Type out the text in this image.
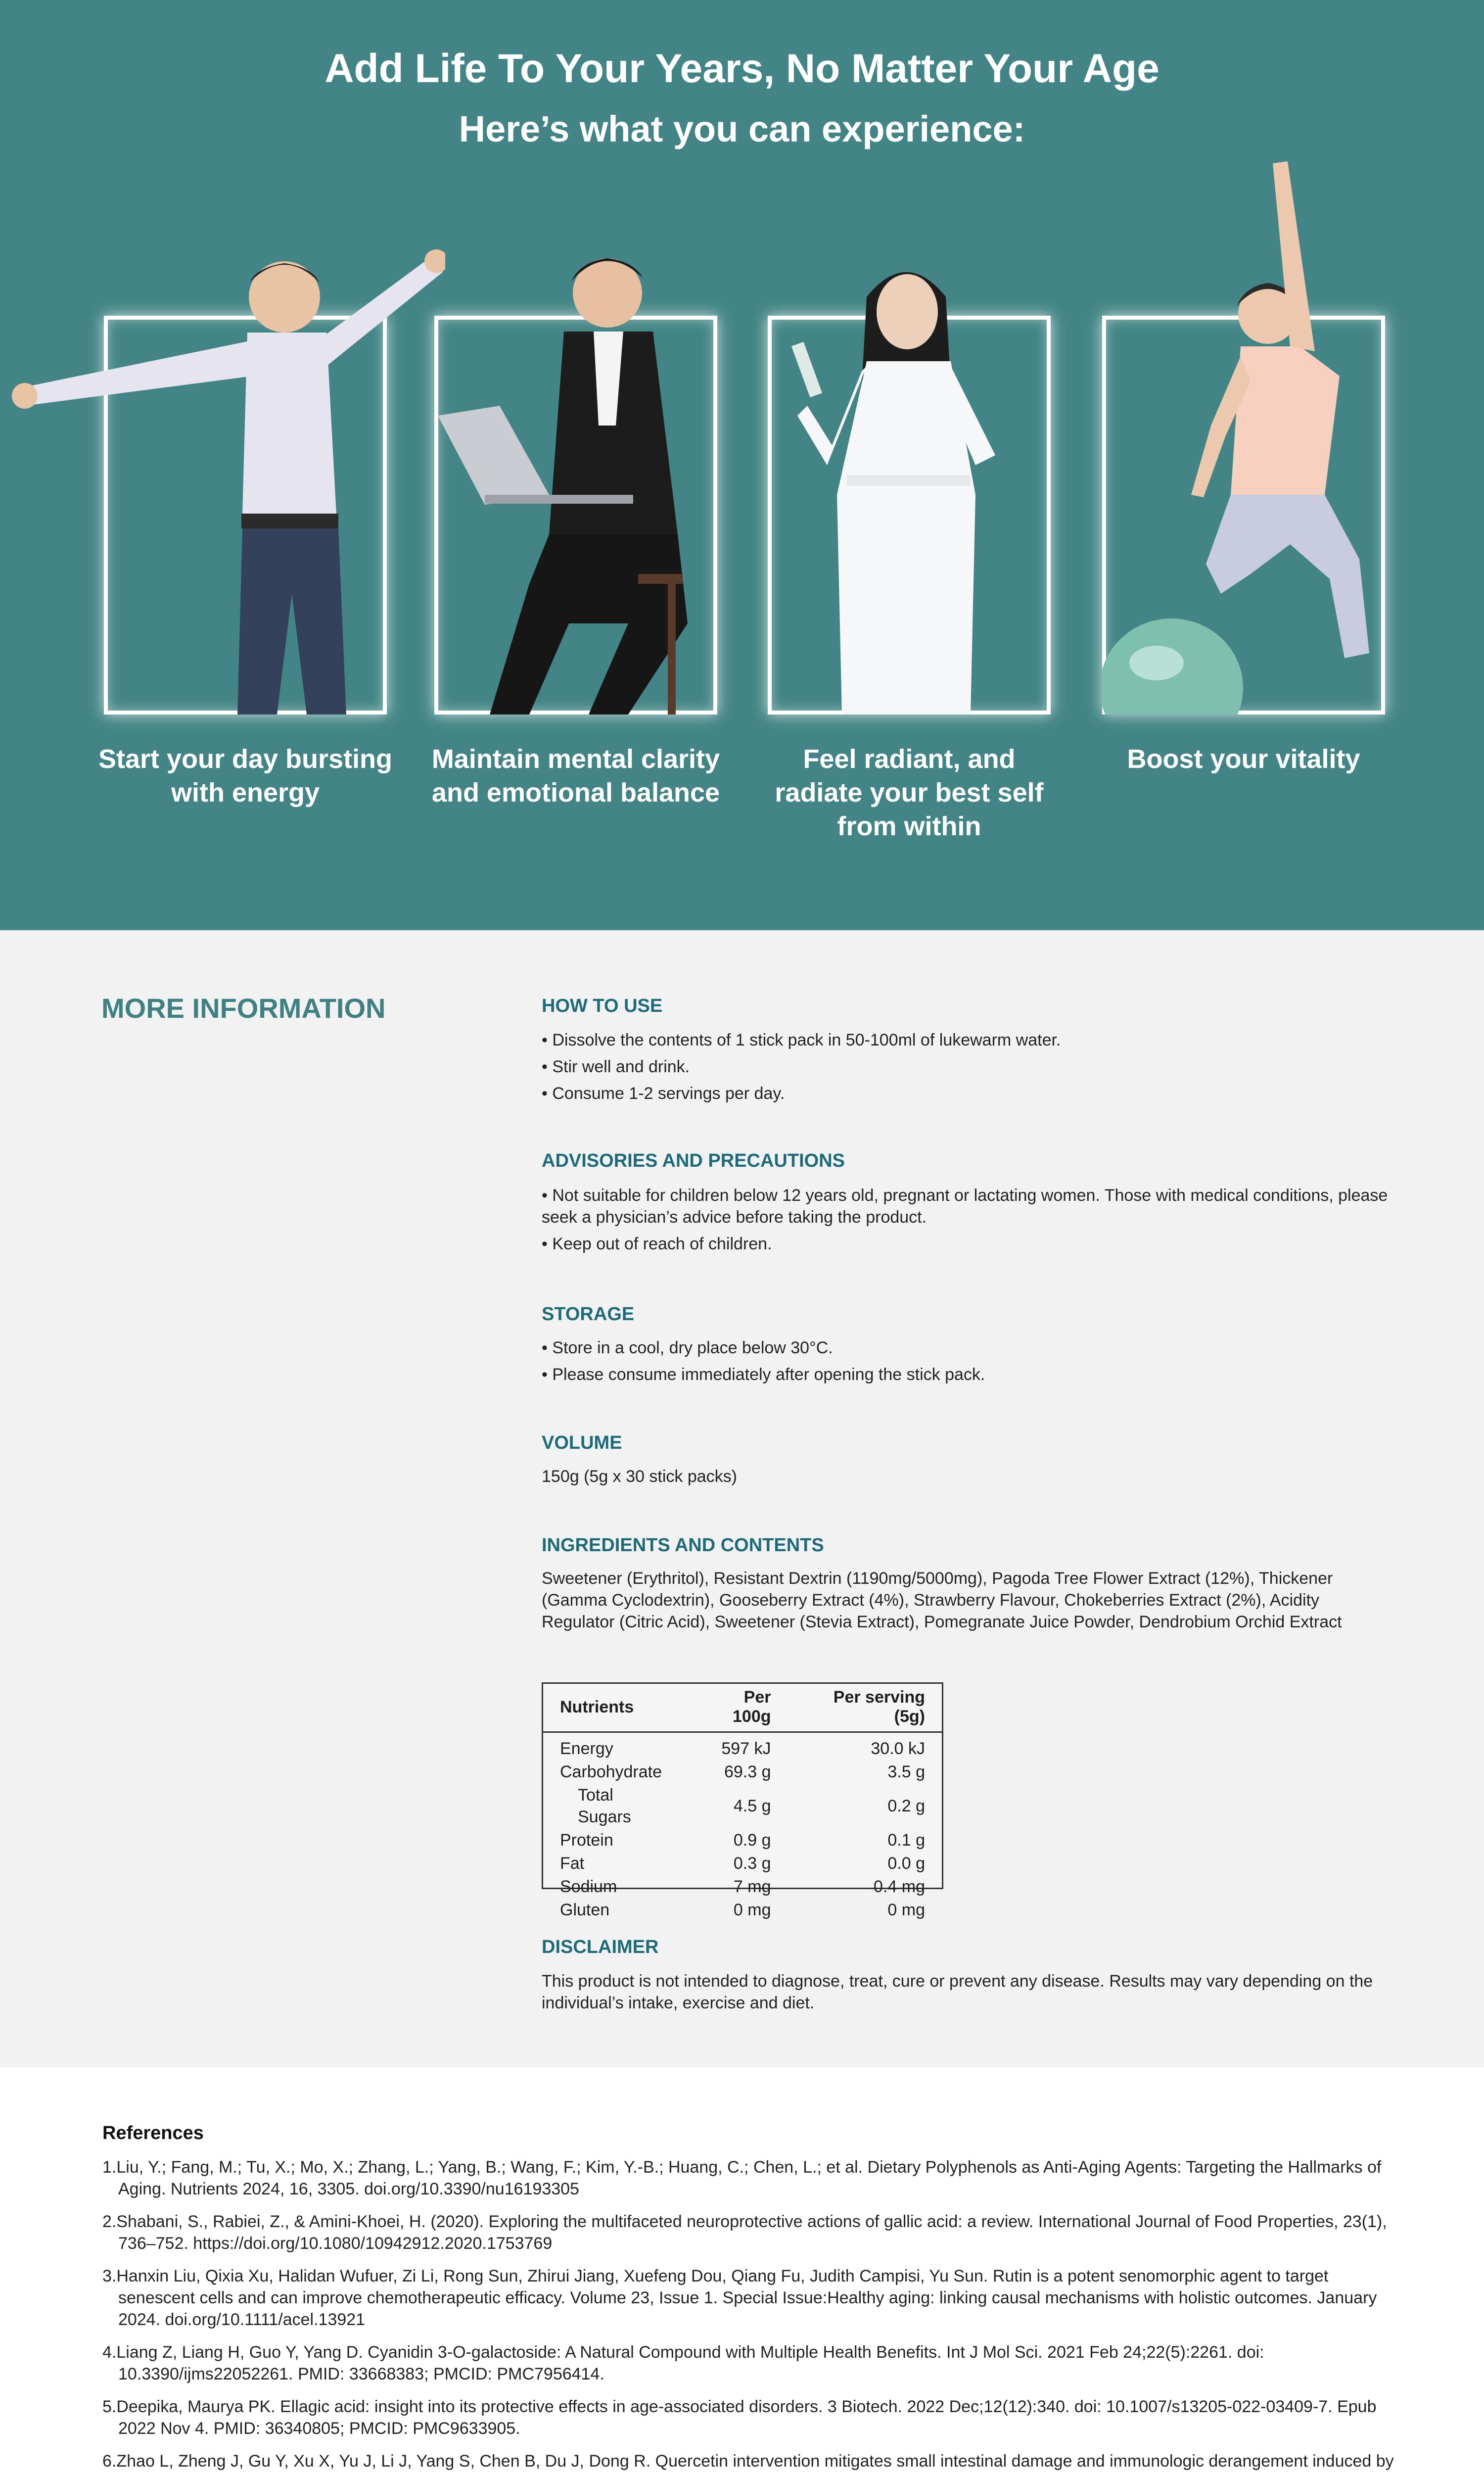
Add Life To Your Years, No Matter Your Age
Here’s what you can experience:

Start your day bursting with energy

Maintain mental clarity and emotional balance

Feel radiant, and radiate your best self from within

Boost your vitality

MORE INFORMATION	HOW TO USE
• Dissolve the contents of 1 stick pack in 50-100ml of lukewarm water.
• Stir well and drink.
• Consume 1-2 servings per day.
ADVISORIES AND PRECAUTIONS
• Not suitable for children below 12 years old, pregnant or lactating women. Those with medical conditions, please seek a physician’s advice before taking the product.
• Keep out of reach of children.
STORAGE
• Store in a cool, dry place below 30°C.
• Please consume immediately after opening the stick pack.
VOLUME

150g (5g x 30 stick packs)

INGREDIENTS AND CONTENTS

Sweetener (Erythritol), Resistant Dextrin (1190mg/5000mg), Pagoda Tree Flower Extract (12%), Thickener (Gamma Cyclodextrin), Gooseberry Extract (4%), Strawberry Flavour, Chokeberries Extract (2%), Acidity Regulator (Citric Acid), Sweetener (Stevia Extract), Pomegranate Juice Powder, Dendrobium Orchid Extract

Nutrients	Per 100g	Per serving (5g)
Energy	597 kJ	30.0 kJ
Carbohydrate	69.3 g	3.5 g
Total Sugars	4.5 g	0.2 g
Protein	0.9 g	0.1 g
Fat	0.3 g	0.0 g
Sodium	7 mg	0.4 mg
Gluten	0 mg	0 mg
DISCLAIMER

This product is not intended to diagnose, treat, cure or prevent any disease. Results may vary depending on the individual’s intake, exercise and diet.

References
1.Liu, Y.; Fang, M.; Tu, X.; Mo, X.; Zhang, L.; Yang, B.; Wang, F.; Kim, Y.-B.; Huang, C.; Chen, L.; et al. Dietary Polyphenols as Anti-Aging Agents: Targeting the Hallmarks of Aging. Nutrients 2024, 16, 3305. doi.org/10.3390/nu16193305
2.Shabani, S., Rabiei, Z., & Amini-Khoei, H. (2020). Exploring the multifaceted neuroprotective actions of gallic acid: a review. International Journal of Food Properties, 23(1), 736–752. https://doi.org/10.1080/10942912.2020.1753769
3.Hanxin Liu, Qixia Xu, Halidan Wufuer, Zi Li, Rong Sun, Zhirui Jiang, Xuefeng Dou, Qiang Fu, Judith Campisi, Yu Sun. Rutin is a potent senomorphic agent to target senescent cells and can improve chemotherapeutic efficacy. Volume 23, Issue 1. Special Issue:Healthy aging: linking causal mechanisms with holistic outcomes. January 2024. doi.org/10.1111/acel.13921
4.Liang Z, Liang H, Guo Y, Yang D. Cyanidin 3-O-galactoside: A Natural Compound with Multiple Health Benefits. Int J Mol Sci. 2021 Feb 24;22(5):2261. doi: 10.3390/ijms22052261. PMID: 33668383; PMCID: PMC7956414.
5.Deepika, Maurya PK. Ellagic acid: insight into its protective effects in age-associated disorders. 3 Biotech. 2022 Dec;12(12):340. doi: 10.1007/s13205-022-03409-7. Epub 2022 Nov 4. PMID: 36340805; PMCID: PMC9633905.
6.Zhao L, Zheng J, Gu Y, Xu X, Yu J, Li J, Yang S, Chen B, Du J, Dong R. Quercetin intervention mitigates small intestinal damage and immunologic derangement induced by
